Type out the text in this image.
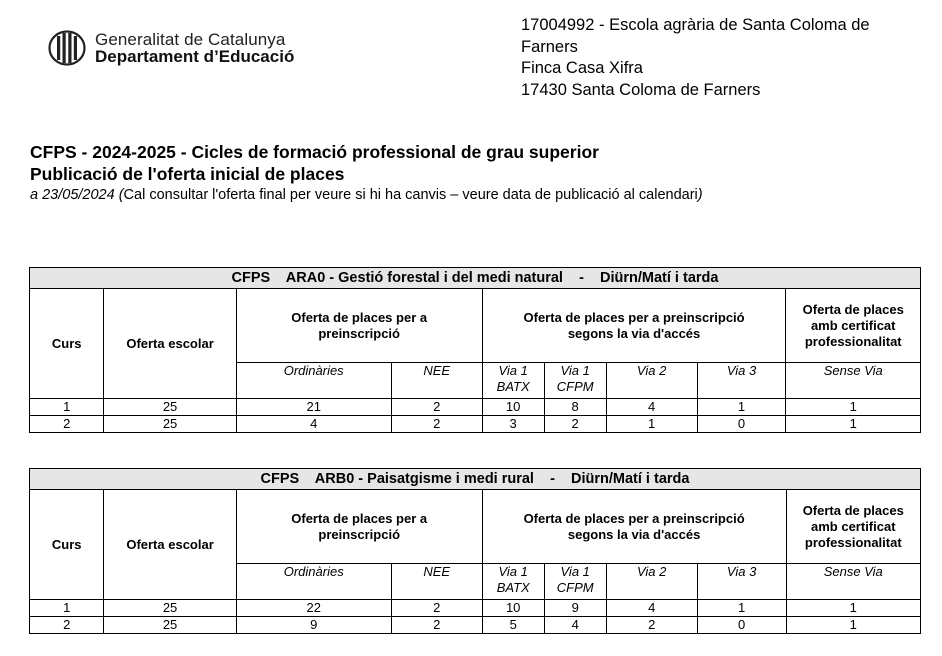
Generalitat de Catalunya
Departament d’Educació
17004992 - Escola agrària de Santa Coloma de Farners
Finca Casa Xifra
17430 Santa Coloma de Farners
CFPS - 2024-2025 - Cicles de formació professional de grau superior
Publicació de l'oferta inicial de places
a 23/05/2024 (Cal consultar l'oferta final per veure si hi ha canvis – veure data de publicació al calendari)
CFPS    ARA0 - Gestió forestal i del medi natural    -    Diürn/Matí i tarda								
Curs	Oferta escolar	Oferta de places per a preinscripció		Oferta de places per a preinscripció segons la via d'accés				Oferta de places amb certificat professionalitat
		Ordinàries	NEE	Via 1 BATX	Via 1 CFPM	Via 2	Via 3	Sense Via
1	25	21	2	10	8	4	1	1
2	25	4	2	3	2	1	0	1
CFPS    ARB0 - Paisatgisme i medi rural    -    Diürn/Matí i tarda								
Curs	Oferta escolar	Oferta de places per a preinscripció		Oferta de places per a preinscripció segons la via d'accés				Oferta de places amb certificat professionalitat
		Ordinàries	NEE	Via 1 BATX	Via 1 CFPM	Via 2	Via 3	Sense Via
1	25	22	2	10	9	4	1	1
2	25	9	2	5	4	2	0	1
